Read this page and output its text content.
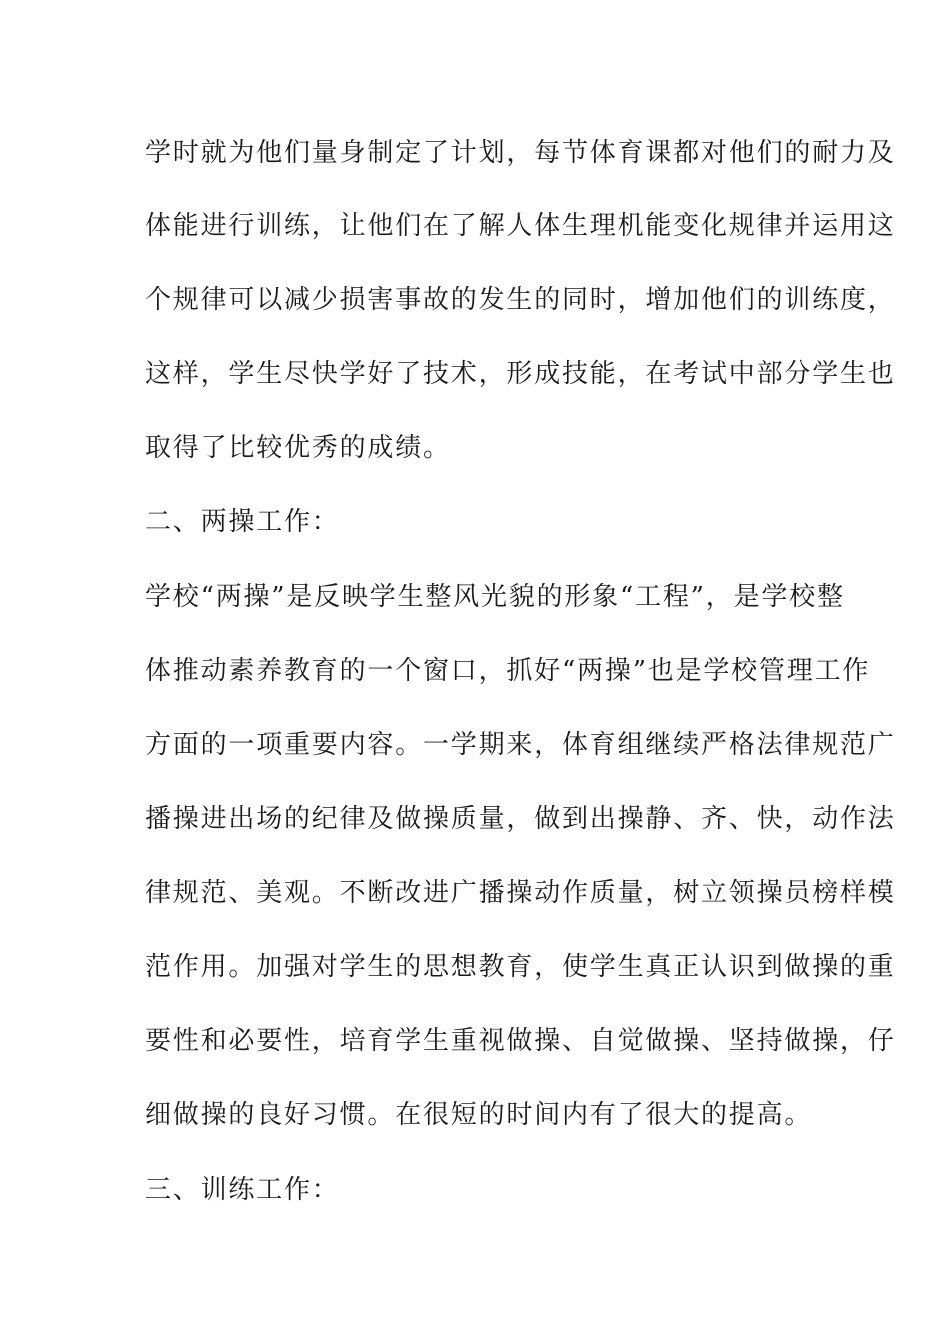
学时就为他们量身制定了计划，每节体育课都对他们的耐力及
体能进行训练，让他们在了解人体生理机能变化规律并运用这
个规律可以减少损害事故的发生的同时，增加他们的训练度，
这样，学生尽快学好了技术，形成技能，在考试中部分学生也
取得了比较优秀的成绩。
二、两操工作：
学校“两操”是反映学生整风光貌的形象“工程”，是学校整
体推动素养教育的一个窗口，抓好“两操”也是学校管理工作
方面的一项重要内容。一学期来，体育组继续严格法律规范广
播操进出场的纪律及做操质量，做到出操静、齐、快，动作法
律规范、美观。不断改进广播操动作质量，树立领操员榜样模
范作用。加强对学生的思想教育，使学生真正认识到做操的重
要性和必要性，培育学生重视做操、自觉做操、坚持做操，仔
细做操的良好习惯。在很短的时间内有了很大的提高。
三、训练工作：
